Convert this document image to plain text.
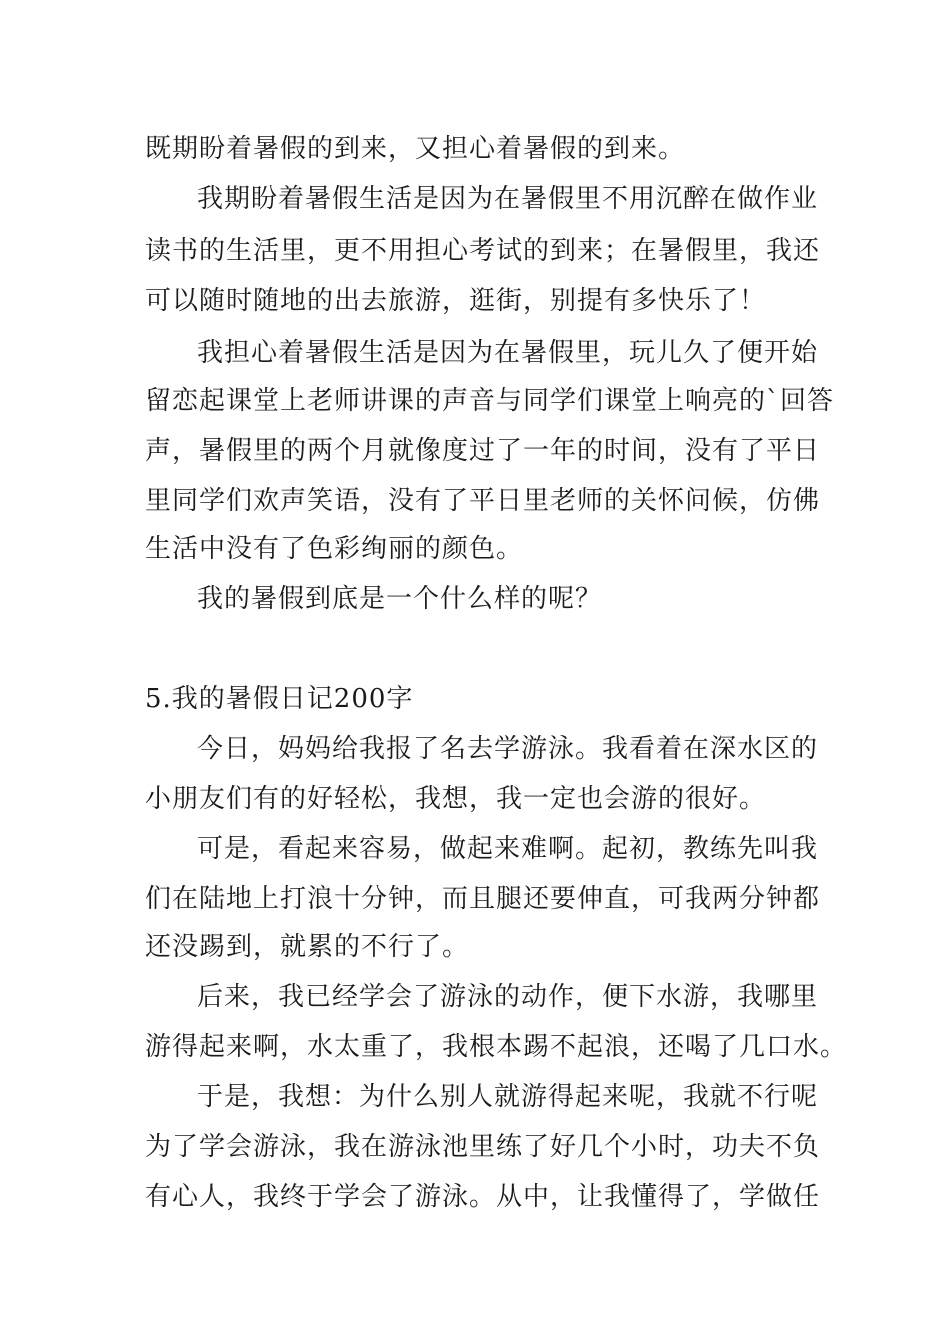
既期盼着暑假的到来，又担心着暑假的到来。
我期盼着暑假生活是因为在暑假里不用沉醉在做作业
读书的生活里，更不用担心考试的到来；在暑假里，我还
可以随时随地的出去旅游，逛街，别提有多快乐了！
我担心着暑假生活是因为在暑假里，玩儿久了便开始
留恋起课堂上老师讲课的声音与同学们课堂上响亮的`回答
声，暑假里的两个月就像度过了一年的时间，没有了平日
里同学们欢声笑语，没有了平日里老师的关怀问候，仿佛
生活中没有了色彩绚丽的颜色。
我的暑假到底是一个什么样的呢？
5.我的暑假日记200字
今日，妈妈给我报了名去学游泳。我看着在深水区的
小朋友们有的好轻松，我想，我一定也会游的很好。
可是，看起来容易，做起来难啊。起初，教练先叫我
们在陆地上打浪十分钟，而且腿还要伸直，可我两分钟都
还没踢到，就累的不行了。
后来，我已经学会了游泳的动作，便下水游，我哪里
游得起来啊，水太重了，我根本踢不起浪，还喝了几口水。
于是，我想：为什么别人就游得起来呢，我就不行呢
为了学会游泳，我在游泳池里练了好几个小时，功夫不负
有心人，我终于学会了游泳。从中，让我懂得了，学做任
